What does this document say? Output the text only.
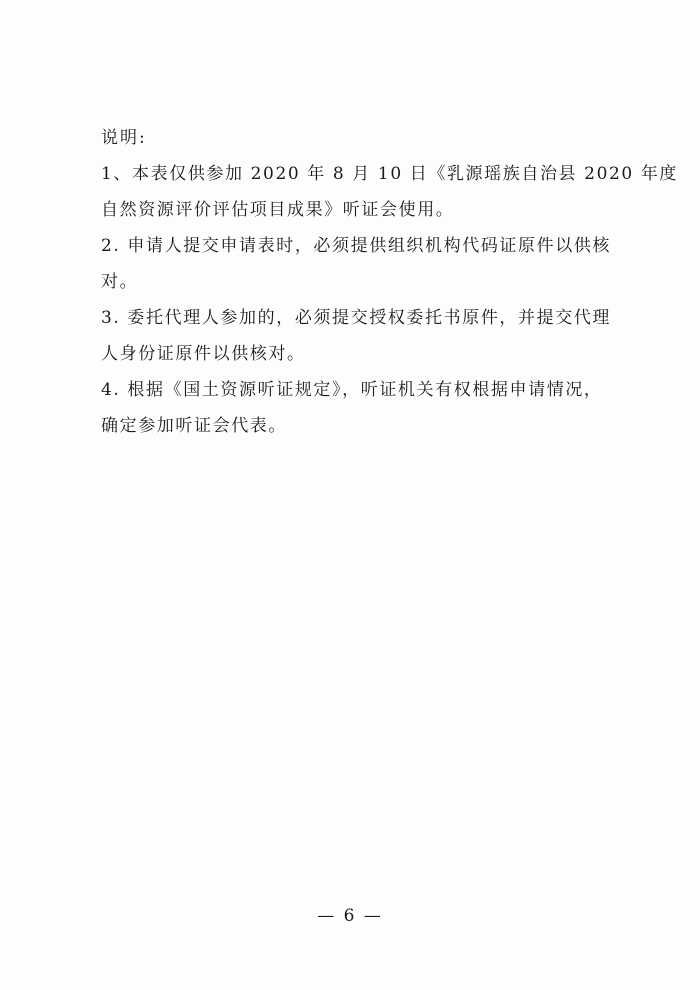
说明:

1、本表仅供参加 2020 年 8 月 10 日《乳源瑶族自治县 2020 年度

自然资源评价评估项目成果》听证会使用。

2. 申请人提交申请表时，必须提供组织机构代码证原件以供核

对。

3. 委托代理人参加的，必须提交授权委托书原件，并提交代理

人身份证原件以供核对。

4. 根据《国土资源听证规定》，听证机关有权根据申请情况，

确定参加听证会代表。

— 6 —
